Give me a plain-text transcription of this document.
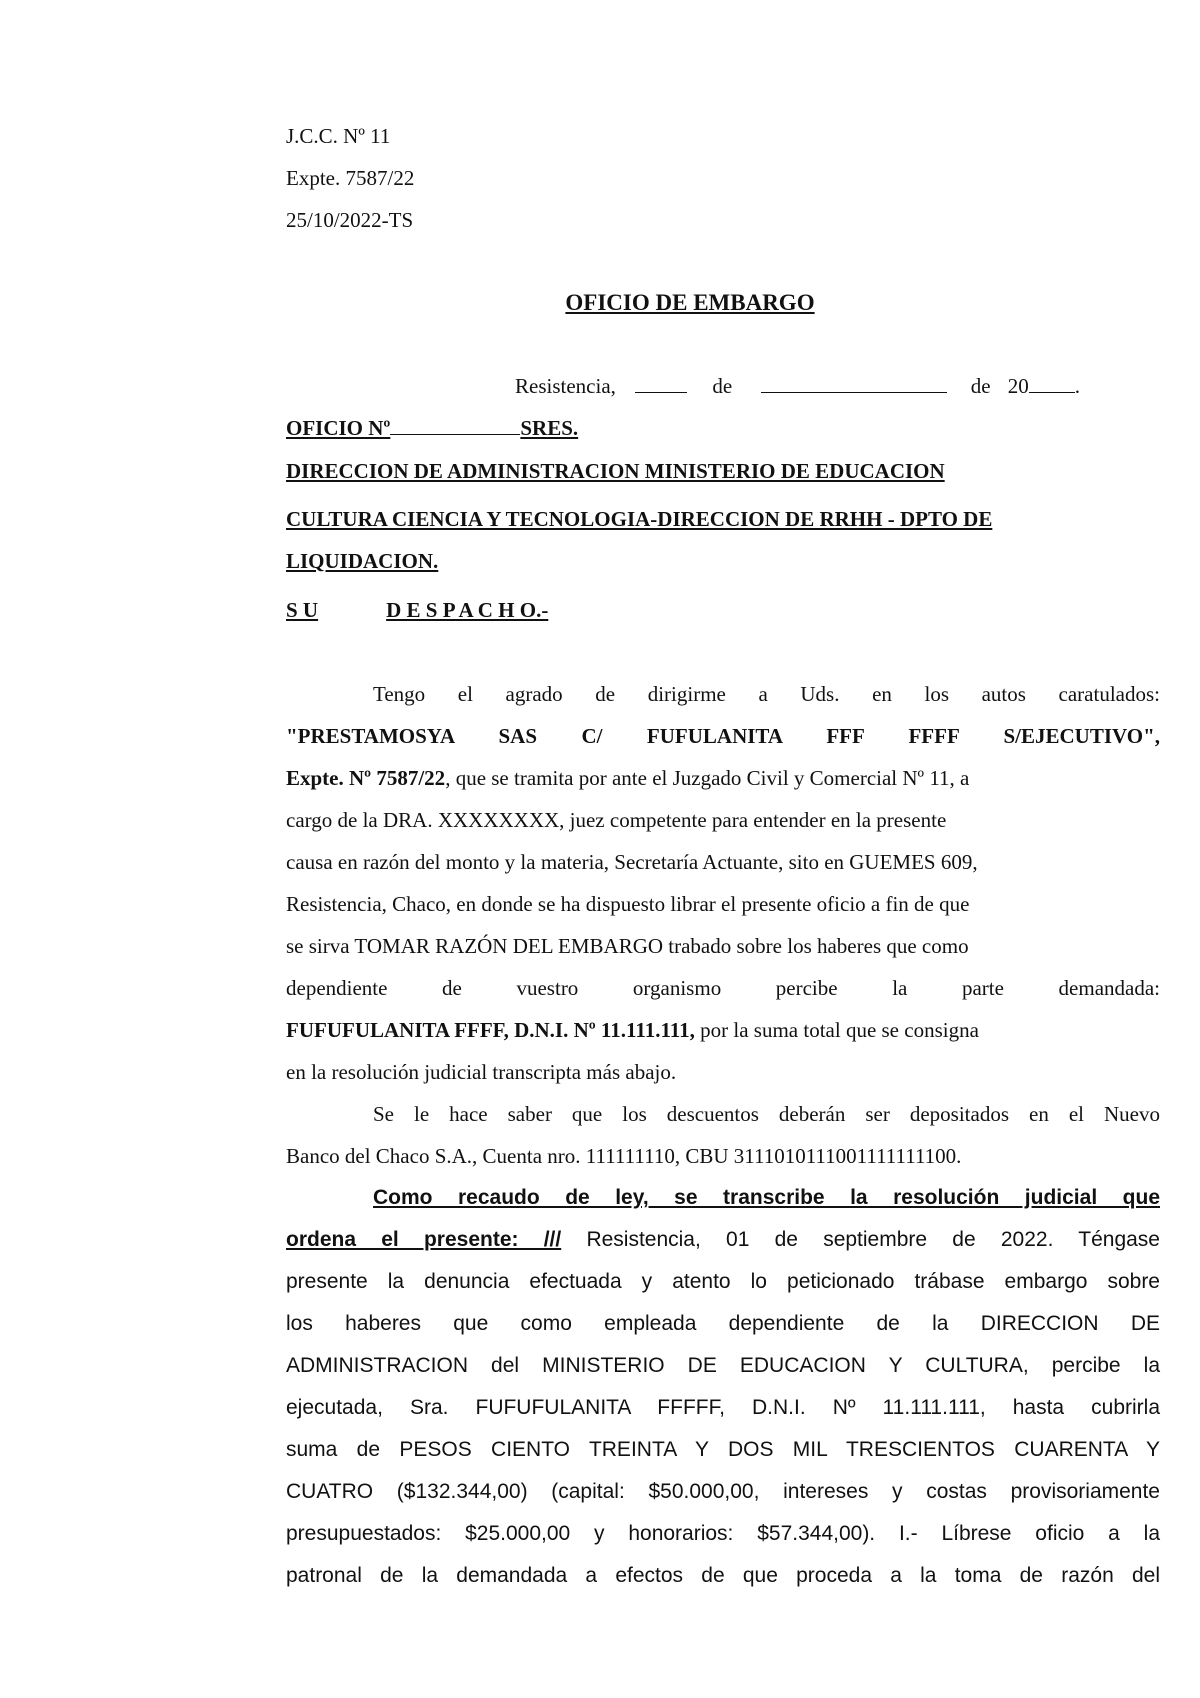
J.C.C. Nº 11
Expte. 7587/22
25/10/2022-TS
OFICIO DE EMBARGO
Resistencia,	de	de 20 .
OFICIO Nº	SRES.
DIRECCION DE ADMINISTRACION MINISTERIO DE EDUCACION
CULTURA CIENCIA Y TECNOLOGIA-DIRECCION DE RRHH - DPTO DE
LIQUIDACION.
S U	D E S P A C H O.-
Tengo el agrado de dirigirme a Uds. en los autos caratulados:
"PRESTAMOSYA SAS C/ FUFULANITA FFF FFFF S/EJECUTIVO",
Expte. Nº 7587/22, que se tramita por ante el Juzgado Civil y Comercial Nº 11, a
cargo de la DRA. XXXXXXXX, juez competente para entender en la presente
causa en razón del monto y la materia, Secretaría Actuante, sito en GUEMES 609,
Resistencia, Chaco, en donde se ha dispuesto librar el presente oficio a fin de que
se sirva TOMAR RAZÓN DEL EMBARGO trabado sobre los haberes que como
dependiente de vuestro organismo percibe la parte demandada:
FUFUFULANITA FFFF, D.N.I. Nº 11.111.111, por la suma total que se consigna
en la resolución judicial transcripta más abajo.
Se le hace saber que los descuentos deberán ser depositados en el Nuevo
Banco del Chaco S.A., Cuenta nro. 111111110, CBU 3111010111001111111100.
Como recaudo de ley, se transcribe la resolución judicial que
ordena el presente: /// Resistencia, 01 de septiembre de 2022. Téngase
presente la denuncia efectuada y atento lo peticionado trábase embargo sobre
los haberes que como empleada dependiente de la DIRECCION DE
ADMINISTRACION del MINISTERIO DE EDUCACION Y CULTURA, percibe la
ejecutada, Sra. FUFUFULANITA FFFFF, D.N.I. Nº 11.111.111, hasta cubrirla
suma de PESOS CIENTO TREINTA Y DOS MIL TRESCIENTOS CUARENTA Y
CUATRO ($132.344,00) (capital: $50.000,00, intereses y costas provisoriamente
presupuestados: $25.000,00 y honorarios: $57.344,00). I.- Líbrese oficio a la
patronal de la demandada a efectos de que proceda a la toma de razón del
